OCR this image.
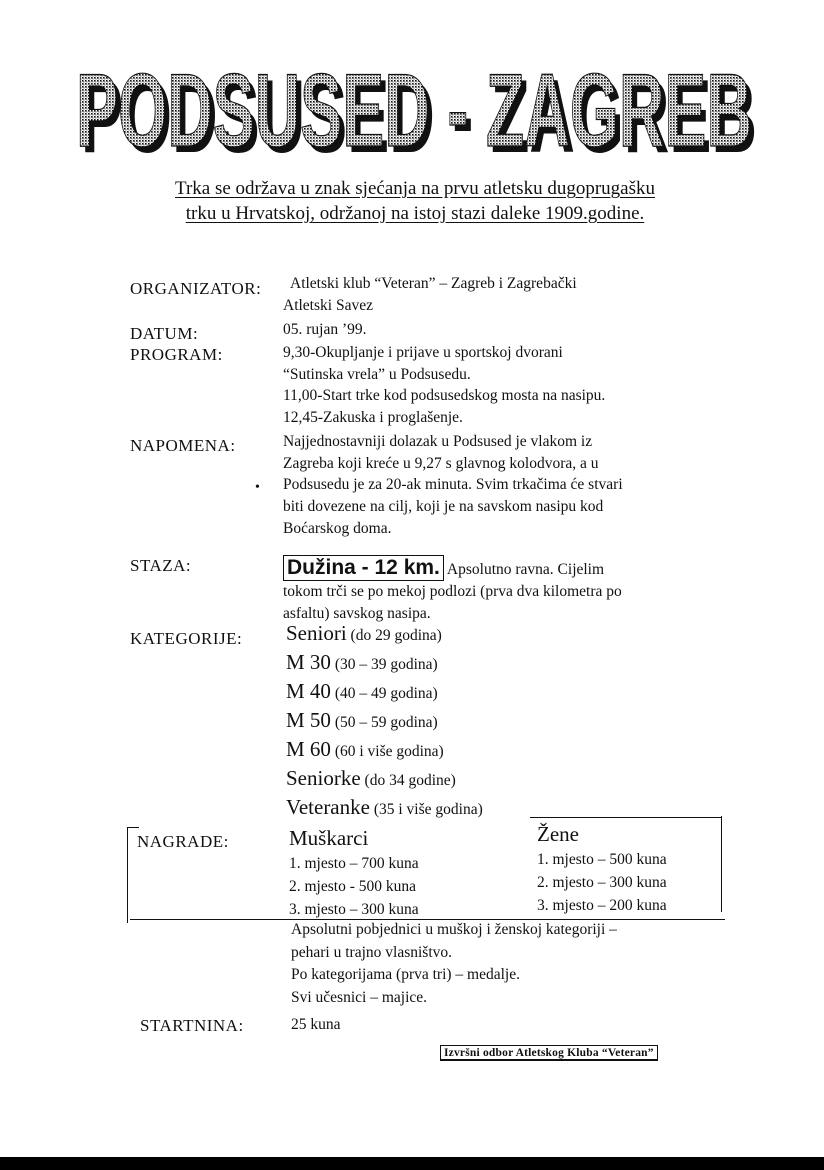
PODSUSED - ZAGREB
PODSUSED - ZAGREB
Trka se održava u znak sjećanja na prvu atletsku dugoprugašku
trku u Hrvatskoj, održanoj na istoj stazi daleke 1909.godine.
ORGANIZATOR: Atletski klub “Veteran” – Zagreb i Zagrebački
Atletski Savez
DATUM:	05. rujan ’99.
PROGRAM:	9,30-Okupljanje i prijave u sportskoj dvorani
“Sutinska vrela” u Podsusedu.
11,00-Start trke kod podsusedskog mosta na nasipu.
12,45-Zakuska i proglašenje.
NAPOMENA:
•
Najjednostavniji dolazak u Podsused je vlakom iz
Zagreba koji kreće u 9,27 s glavnog kolodvora, a u
Podsusedu je za 20-ak minuta. Svim trkačima će stvari
biti dovezene na cilj, koji je na savskom nasipu kod
Boćarskog doma.
STAZA:	Dužina - 12 km. Apsolutno ravna. Cijelim
tokom trči se po mekoj podlozi (prva dva kilometra po
asfaltu) savskog nasipa.
KATEGORIJE: Seniori (do 29 godina)
M 30 (30 – 39 godina)
M 40 (40 – 49 godina)
M 50 (50 – 59 godina)
M 60 (60 i više godina)
Seniorke (do 34 godine)
Veteranke (35 i više godina)
NAGRADE:	Muškarci
1. mjesto – 700 kuna
2. mjesto - 500 kuna
3. mjesto – 300 kuna
Žene
1. mjesto – 500 kuna
2. mjesto – 300 kuna
3. mjesto – 200 kuna
Apsolutni pobjednici u muškoj i ženskoj kategoriji –
pehari u trajno vlasništvo.
Po kategorijama (prva tri) – medalje.
Svi učesnici – majice.
STARTNINA:	25 kuna
Izvršni odbor Atletskog Kluba “Veteran”
